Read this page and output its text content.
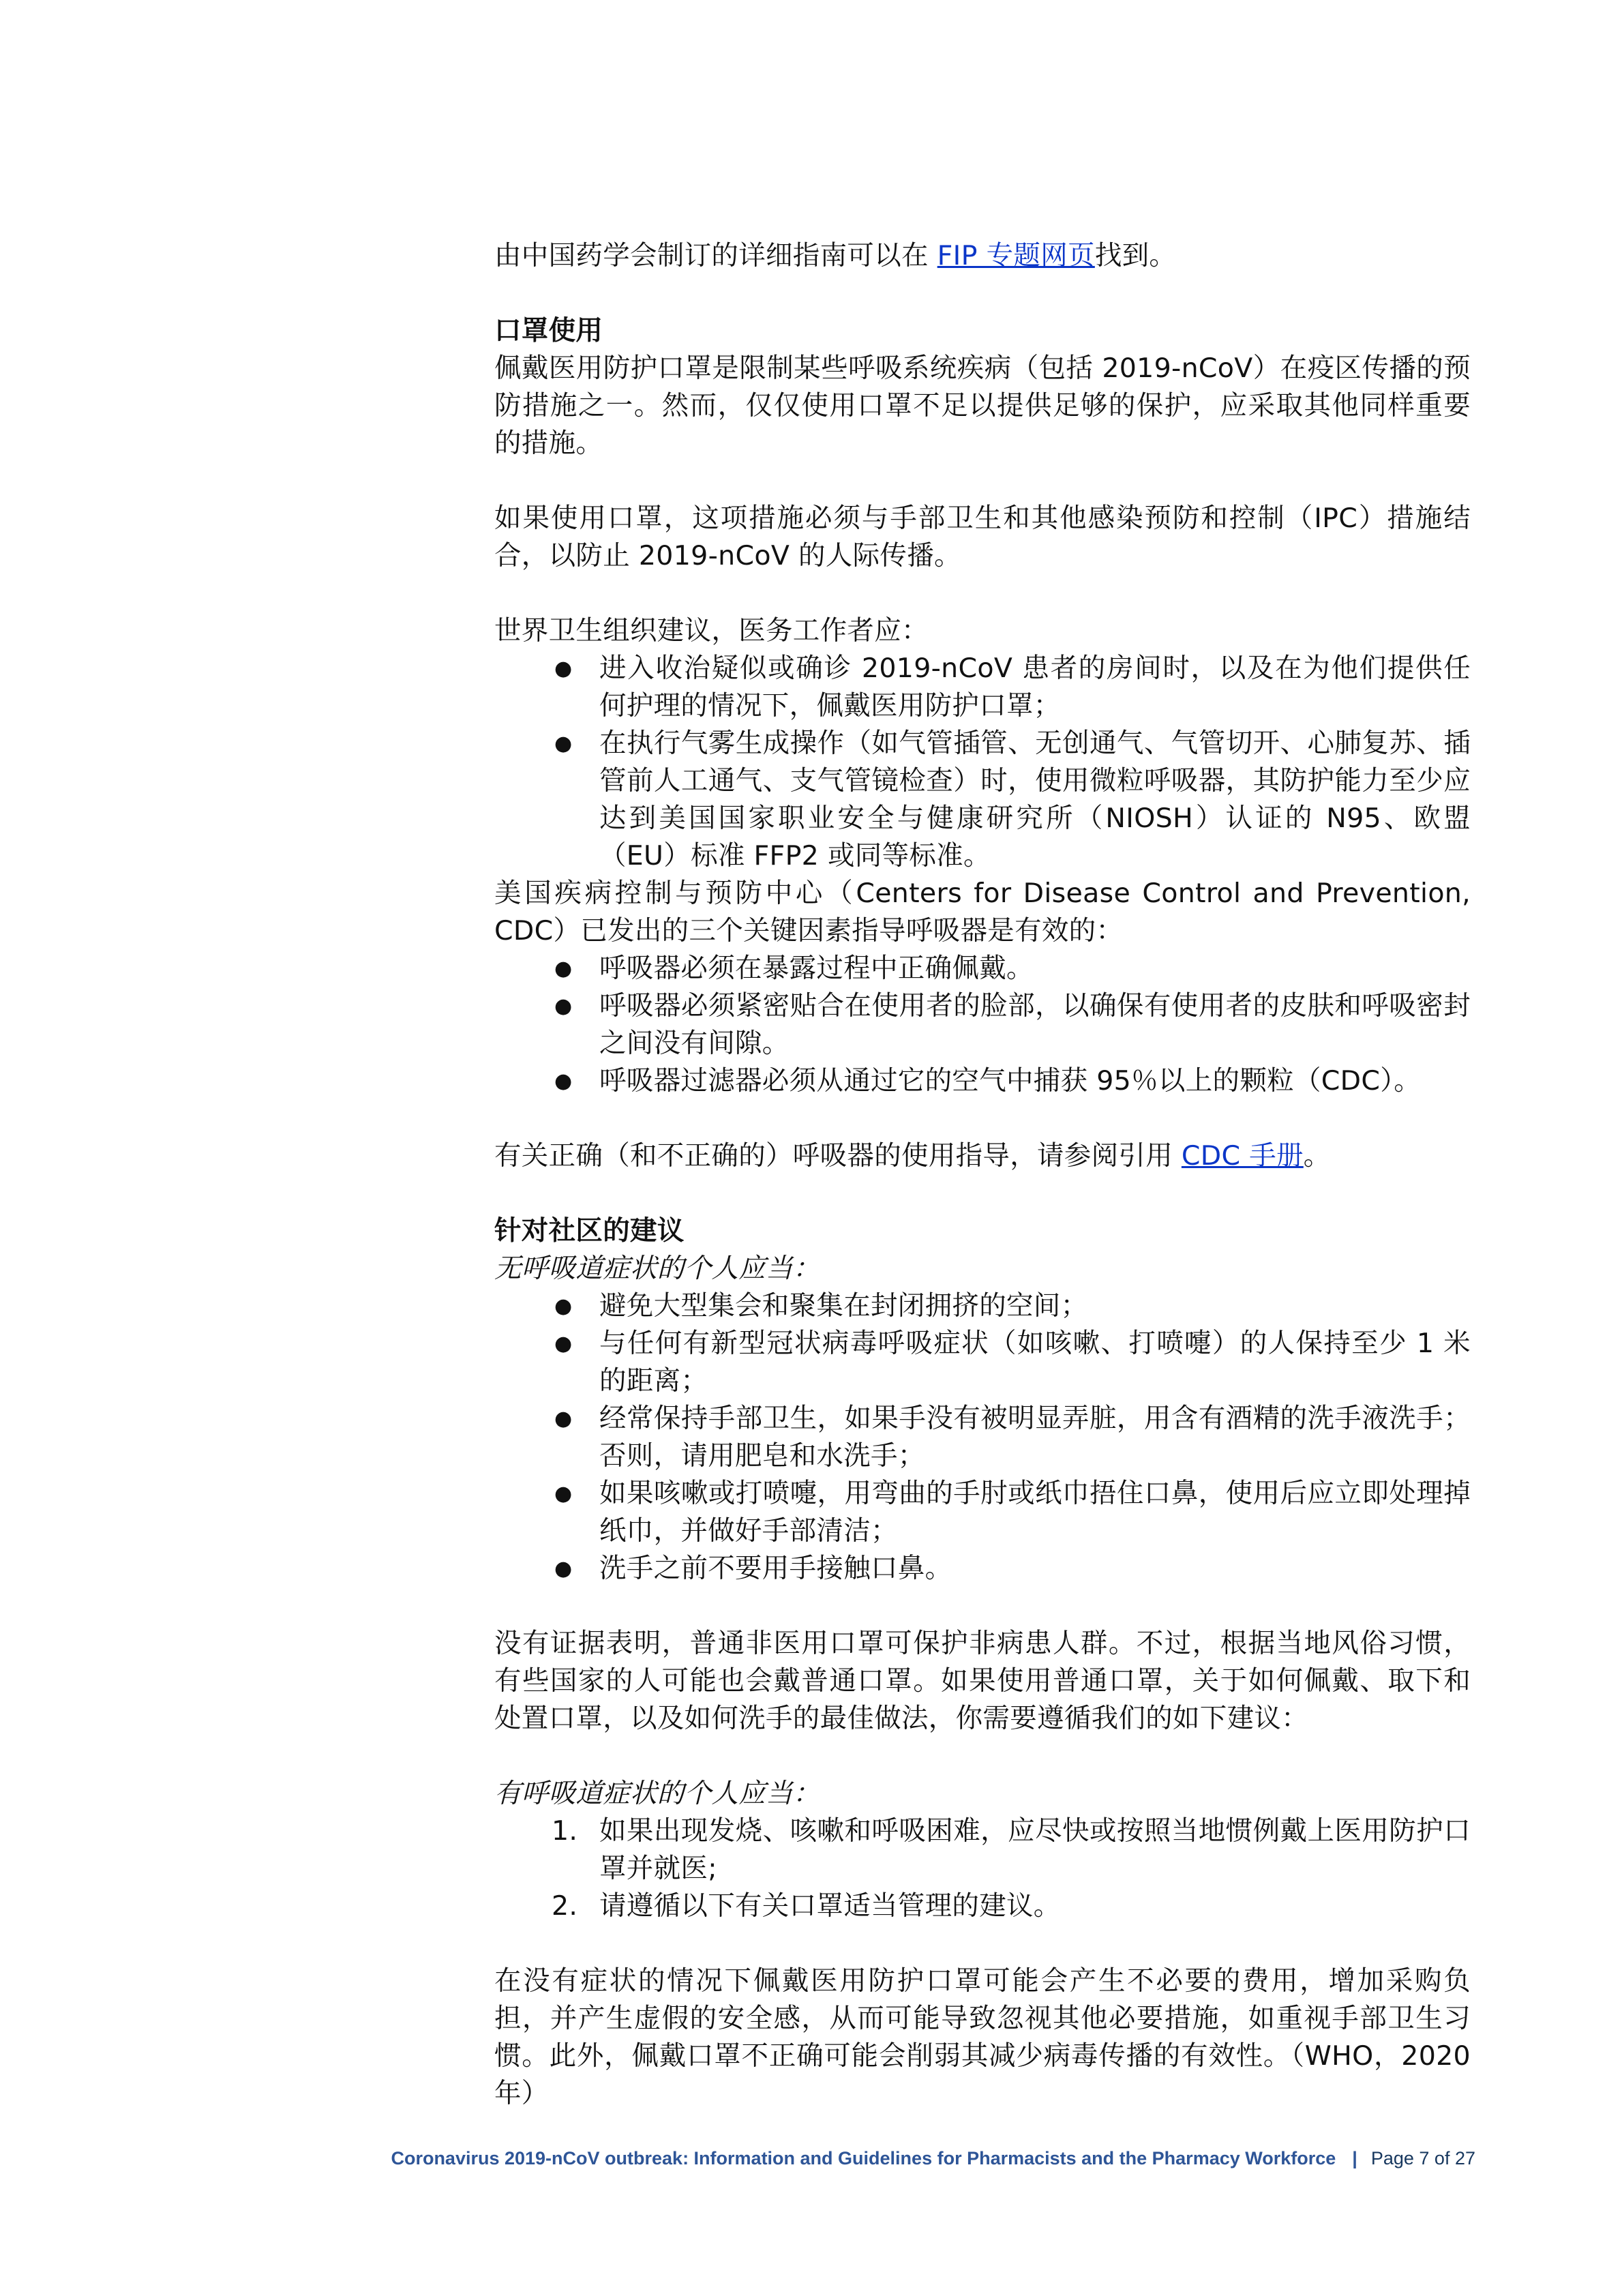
由中国药学会制订的详细指南可以在 FIP 专题网页找到。

口罩使用

佩戴医用防护口罩是限制某些呼吸系统疾病（包括 2019-nCoV）在疫区传播的预防措施之一。然而，仅仅使用口罩不足以提供足够的保护，应采取其他同样重要的措施。

如果使用口罩，这项措施必须与手部卫生和其他感染预防和控制（IPC）措施结合，以防止 2019-nCoV 的人际传播。

世界卫生组织建议，医务工作者应：

● 进入收治疑似或确诊 2019-nCoV 患者的房间时，以及在为他们提供任何护理的情况下，佩戴医用防护口罩；
● 在执行气雾生成操作（如气管插管、无创通气、气管切开、心肺复苏、插管前人工通气、支气管镜检查）时，使用微粒呼吸器，其防护能力至少应达到美国国家职业安全与健康研究所（NIOSH）认证的 N95、欧盟（EU）标准 FFP2 或同等标准。

美国疾病控制与预防中心（Centers for Disease Control and Prevention, CDC）已发出的三个关键因素指导呼吸器是有效的：

● 呼吸器必须在暴露过程中正确佩戴。
● 呼吸器必须紧密贴合在使用者的脸部，以确保有使用者的皮肤和呼吸密封之间没有间隙。
● 呼吸器过滤器必须从通过它的空气中捕获 95％以上的颗粒（CDC）。

有关正确（和不正确的）呼吸器的使用指导，请参阅引用 CDC 手册。

针对社区的建议

无呼吸道症状的个人应当：

● 避免大型集会和聚集在封闭拥挤的空间；
● 与任何有新型冠状病毒呼吸症状（如咳嗽、打喷嚏）的人保持至少 1 米的距离；
● 经常保持手部卫生，如果手没有被明显弄脏，用含有酒精的洗手液洗手；否则，请用肥皂和水洗手；
● 如果咳嗽或打喷嚏，用弯曲的手肘或纸巾捂住口鼻，使用后应立即处理掉纸巾，并做好手部清洁；
● 洗手之前不要用手接触口鼻。

没有证据表明，普通非医用口罩可保护非病患人群。不过，根据当地风俗习惯，有些国家的人可能也会戴普通口罩。如果使用普通口罩，关于如何佩戴、取下和处置口罩，以及如何洗手的最佳做法，你需要遵循我们的如下建议：

有呼吸道症状的个人应当：

1. 如果出现发烧、咳嗽和呼吸困难，应尽快或按照当地惯例戴上医用防护口罩并就医;
2. 请遵循以下有关口罩适当管理的建议。

在没有症状的情况下佩戴医用防护口罩可能会产生不必要的费用，增加采购负担，并产生虚假的安全感，从而可能导致忽视其他必要措施，如重视手部卫生习惯。此外，佩戴口罩不正确可能会削弱其减少病毒传播的有效性。（WHO，2020 年）

Coronavirus 2019-nCoV outbreak: Information and Guidelines for Pharmacists and the Pharmacy Workforce | Page 7 of 27
